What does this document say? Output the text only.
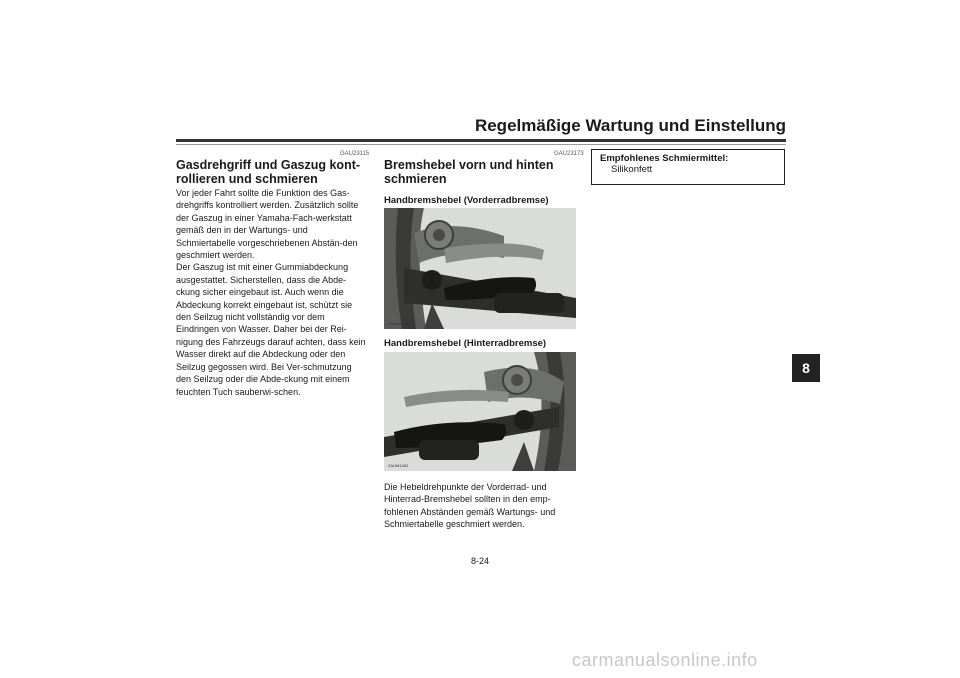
Regelmäßige Wartung und Einstellung
8
GAU23115
Gasdrehgriff und Gaszug kont-rollieren und schmieren

Vor jeder Fahrt sollte die Funktion des Gas-drehgriffs kontrolliert werden. Zusätzlich sollte der Gaszug in einer Yamaha-Fach-werkstatt gemäß den in der Wartungs- und Schmiertabelle vorgeschriebenen Abstän-den geschmiert werden.

Der Gaszug ist mit einer Gummiabdeckung ausgestattet. Sicherstellen, dass die Abde-ckung sicher eingebaut ist. Auch wenn die Abdeckung korrekt eingebaut ist, schützt sie den Seilzug nicht vollständig vor dem Eindringen von Wasser. Daher bei der Rei-nigung des Fahrzeugs darauf achten, dass kein Wasser direkt auf die Abdeckung oder den Seilzug gegossen wird. Bei Ver-schmutzung den Seilzug oder die Abde-ckung mit einem feuchten Tuch sauberwi-schen.

GAU23173
Bremshebel vorn und hinten schmieren
Handbremshebel (Vorderradbremse)
ZAUM1461
Handbremshebel (Hinterradbremse)
ZAUM1462

Die Hebeldrehpunkte der Vorderrad- und Hinterrad-Bremshebel sollten in den emp-fohlenen Abständen gemäß Wartungs- und Schmiertabelle geschmiert werden.

Empfohlenes Schmiermittel:
Silikonfett
8-24
carmanualsonline.info
